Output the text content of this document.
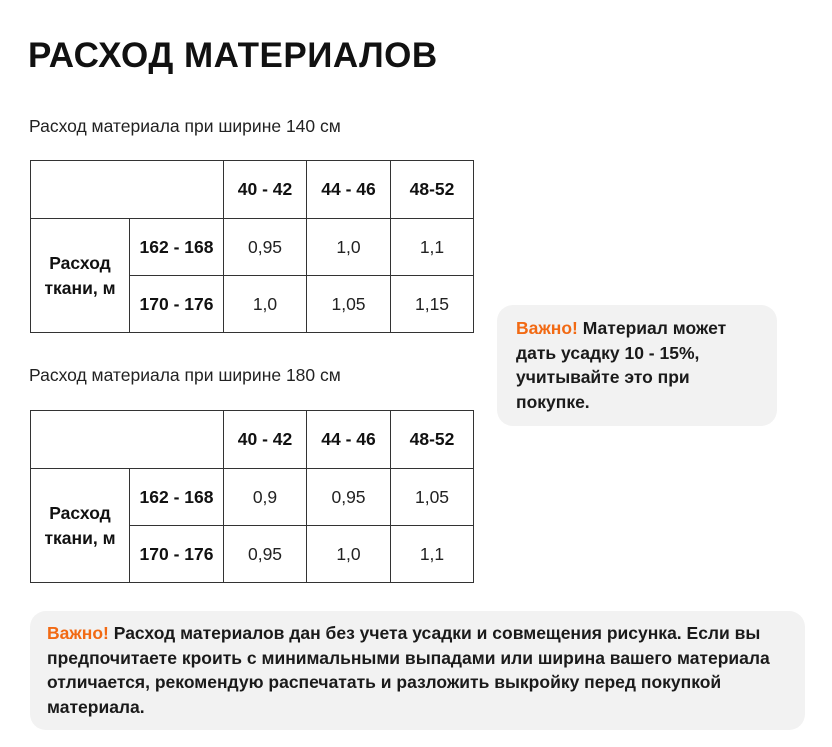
РАСХОД МАТЕРИАЛОВ
Расход материала при ширине 140 см
		40 - 42	44 - 46	48-52
Расход
ткани, м	162 - 168	0,95	1,0	1,1
	170 - 176	1,0	1,05	1,15
Расход материала при ширине 180 см
		40 - 42	44 - 46	48-52
Расход
ткани, м	162 - 168	0,9	0,95	1,05
	170 - 176	0,95	1,0	1,1
Важно! Материал может дать усадку 10 - 15%, учитывайте это при покупке.
Важно! Расход материалов дан без учета усадки и совмещения рисунка. Если вы предпочитаете кроить с минимальными выпадами или ширина вашего материала отличается, рекомендую распечатать и разложить выкройку перед покупкой материала.
